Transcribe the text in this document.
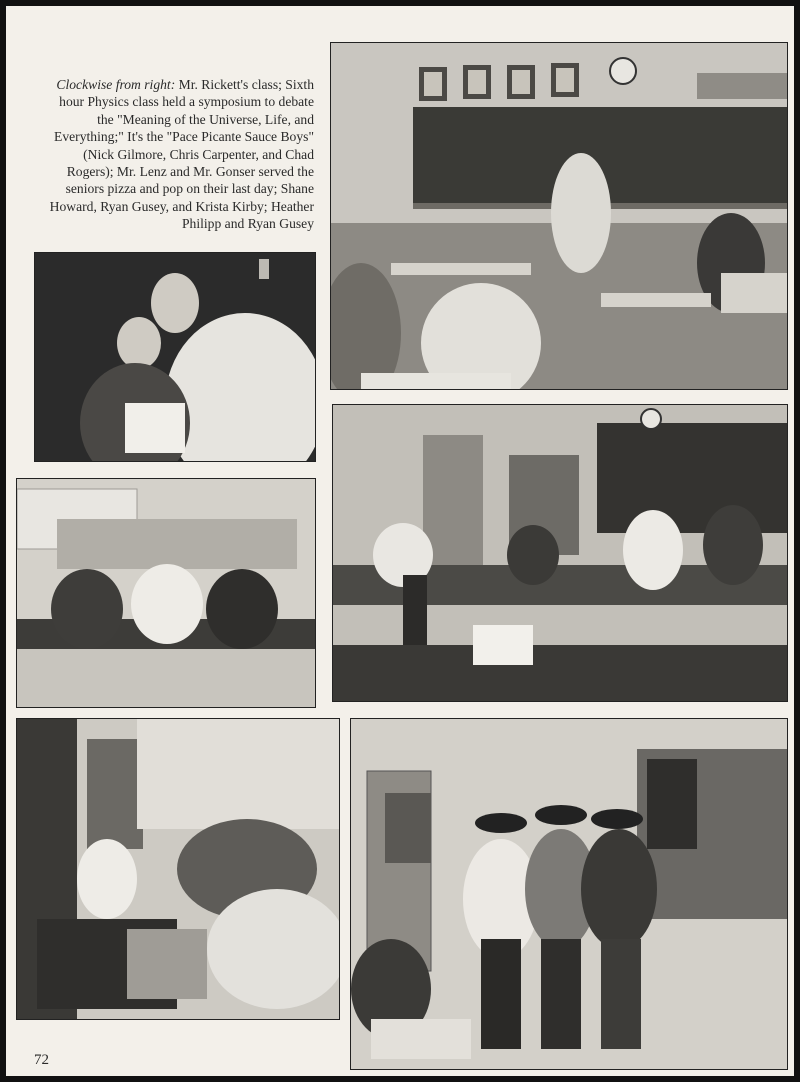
Clockwise from right: Mr. Rickett's class; Sixth hour Physics class held a symposium to debate the "Meaning of the Universe, Life, and Everything;" It's the "Pace Picante Sauce Boys" (Nick Gilmore, Chris Carpenter, and Chad Rogers); Mr. Lenz and Mr. Gonser served the seniors pizza and pop on their last day; Shane Howard, Ryan Gusey, and Krista Kirby; Heather Philipp and Ryan Gusey
72
